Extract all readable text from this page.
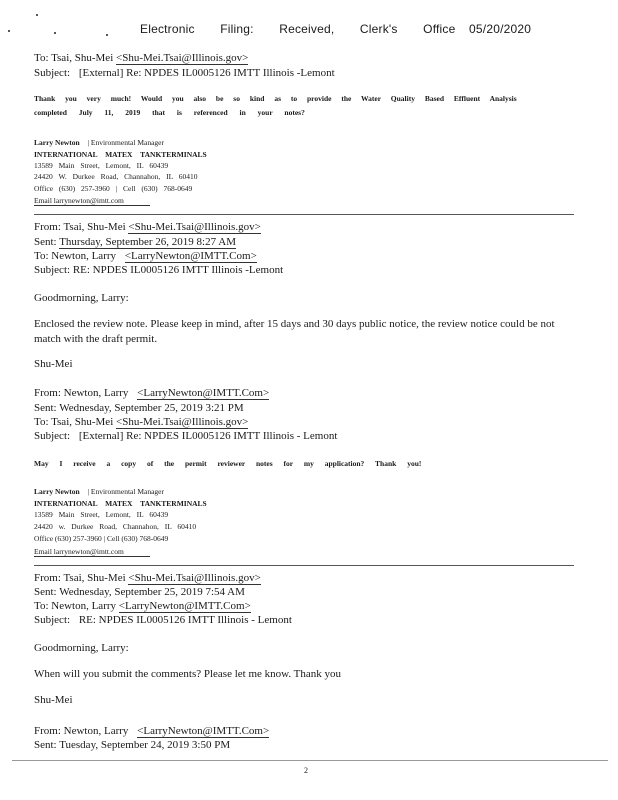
Electronic Filing: Received, Clerk's Office 05/20/2020
To: Tsai, Shu-Mei <Shu-Mei.Tsai@Illinois.gov>
Subject: [External] Re: NPDES IL0005126 IMTT Illinois -Lemont
Thank you very much! Would you also be so kind as to provide the Water Quality Based Effluent Analysis
completed July 11, 2019 that is referenced in your notes?
Larry Newton | Environmental Manager
INTERNATIONAL MATEX TANKTERMINALS
13589 Main Street, Lemont, IL 60439
24420 W. Durkee Road, Channahon, IL 60410
Office (630) 257-3960 | Cell (630) 768-0649
Email larrynewton@imtt.com
From: Tsai, Shu-Mei <Shu-Mei.Tsai@Illinois.gov>
Sent: Thursday, September 26, 2019 8:27 AM
To: Newton, Larry <LarryNewton@IMTT.Com>
Subject: RE: NPDES IL0005126 IMTT Illinois -Lemont
Goodmorning, Larry:
Enclosed the review note. Please keep in mind, after 15 days and 30 days public notice, the review notice could be not
match with the draft permit.
Shu-Mei
From: Newton, Larry <LarryNewton@IMTT.Com>
Sent: Wednesday, September 25, 2019 3:21 PM
To: Tsai, Shu-Mei <Shu-Mei.Tsai@Illinois.gov>
Subject: [External] Re: NPDES IL0005126 IMTT Illinois - Lemont
May I receive a copy of the permit reviewer notes for my application? Thank you!
Larry Newton | Environmental Manager
INTERNATIONAL MATEX TANKTERMINALS
13589 Main Street, Lemont, IL 60439
24420 w. Durkee Road, Channahon, IL 60410
Office (630) 257-3960 | Cell (630) 768-0649
Email larrynewton@imtt.com
From: Tsai, Shu-Mei <Shu-Mei.Tsai@Illinois.gov>
Sent: Wednesday, September 25, 2019 7:54 AM
To: Newton, Larry <LarryNewton@IMTT.Com>
Subject: RE: NPDES IL0005126 IMTT Illinois - Lemont
Goodmorning, Larry:
When will you submit the comments? Please let me know. Thank you
Shu-Mei
From: Newton, Larry <LarryNewton@IMTT.Com>
Sent: Tuesday, September 24, 2019 3:50 PM
2
